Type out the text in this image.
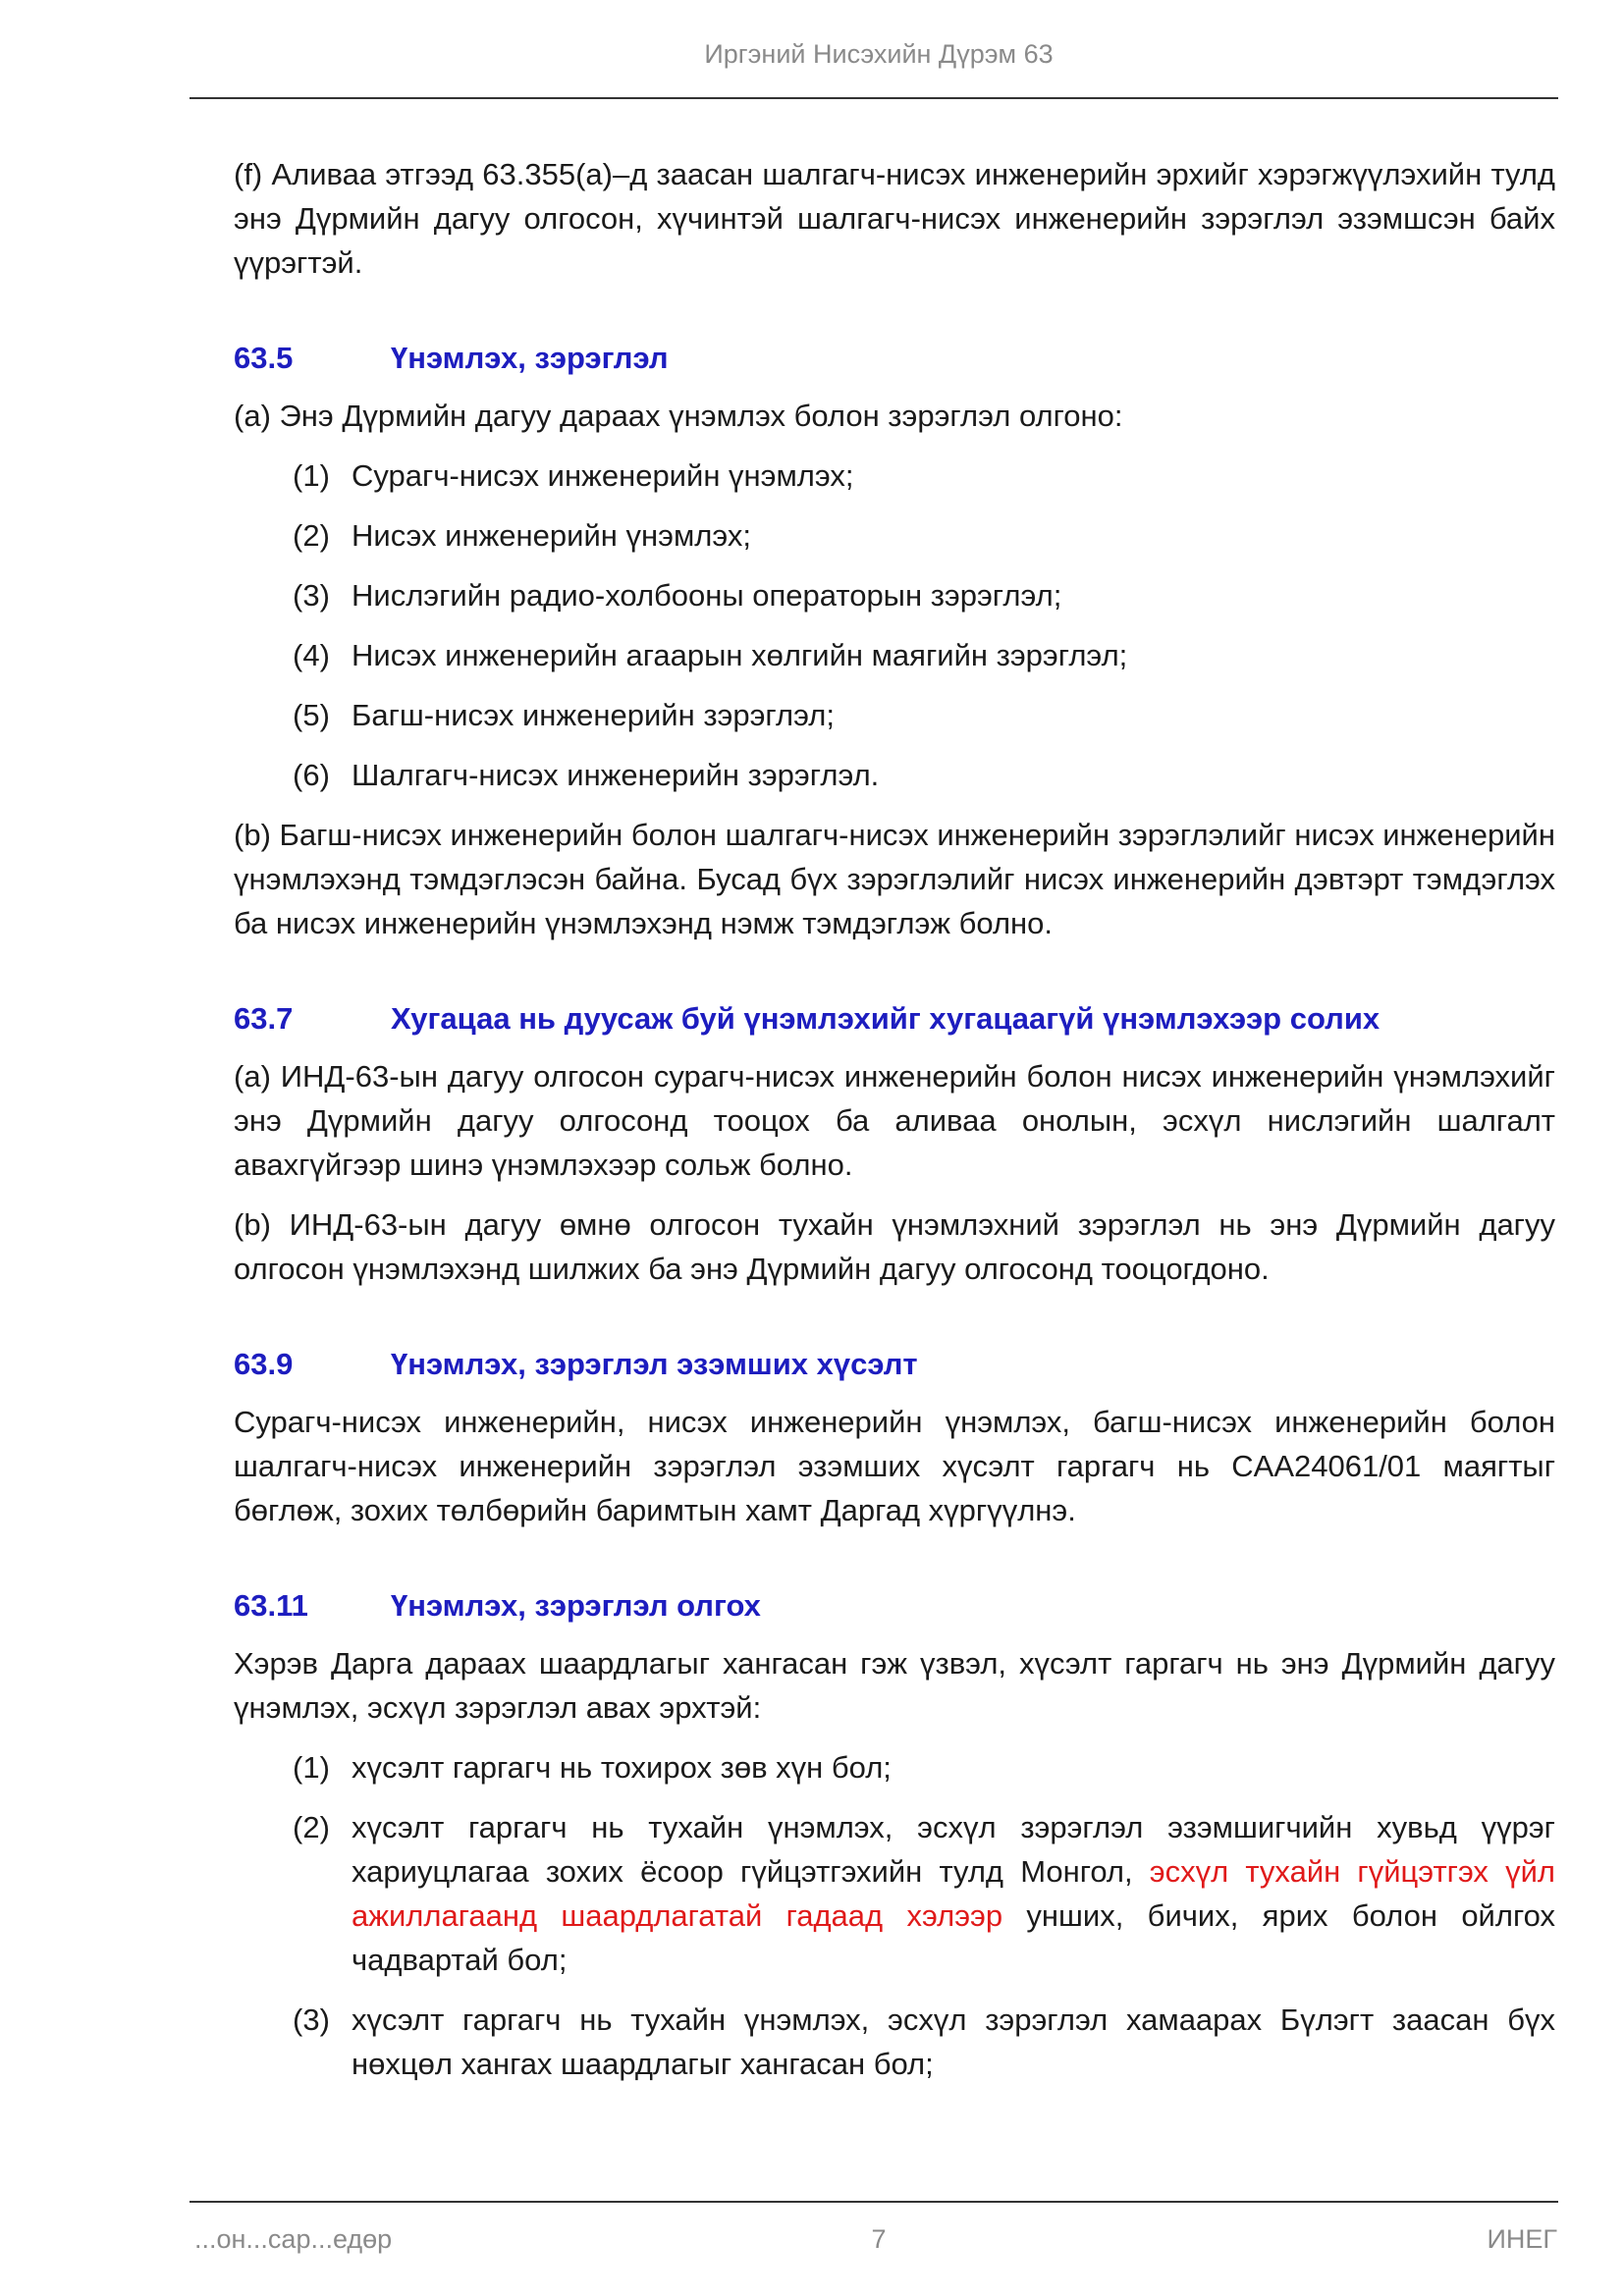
Иргэний Нисэхийн Дүрэм 63

(f) Аливаа этгээд 63.355(a)–д заасан шалгагч-нисэх инженерийн эрхийг хэрэгжүүлэхийн тулд энэ Дүрмийн дагуу олгосон, хүчинтэй шалгагч-нисэх инженерийн зэрэглэл эзэмшсэн байх үүрэгтэй.

63.5	Үнэмлэх, зэрэглэл

(a) Энэ Дүрмийн дагуу дараах үнэмлэх болон зэрэглэл олгоно:

(1) Сурагч-нисэх инженерийн үнэмлэх;
(2) Нисэх инженерийн үнэмлэх;
(3) Нислэгийн радио-холбооны операторын зэрэглэл;
(4) Нисэх инженерийн агаарын хөлгийн маягийн зэрэглэл;
(5) Багш-нисэх инженерийн зэрэглэл;
(6) Шалгагч-нисэх инженерийн зэрэглэл.

(b) Багш-нисэх инженерийн болон шалгагч-нисэх инженерийн зэрэглэлийг нисэх инженерийн үнэмлэхэнд тэмдэглэсэн байна. Бусад бүх зэрэглэлийг нисэх инженерийн дэвтэрт тэмдэглэх ба нисэх инженерийн үнэмлэхэнд нэмж тэмдэглэж болно.

63.7	Хугацаа нь дуусаж буй үнэмлэхийг хугацаагүй үнэмлэхээр солих

(a) ИНД-63-ын дагуу олгосон сурагч-нисэх инженерийн болон нисэх инженерийн үнэмлэхийг энэ Дүрмийн дагуу олгосонд тооцох ба аливаа онолын, эсхүл нислэгийн шалгалт авахгүйгээр шинэ үнэмлэхээр сольж болно.

(b) ИНД-63-ын дагуу өмнө олгосон тухайн үнэмлэхний зэрэглэл нь энэ Дүрмийн дагуу олгосон үнэмлэхэнд шилжих ба энэ Дүрмийн дагуу олгосонд тооцогдоно.

63.9	Үнэмлэх, зэрэглэл эзэмших хүсэлт

Сурагч-нисэх инженерийн, нисэх инженерийн үнэмлэх, багш-нисэх инженерийн болон шалгагч-нисэх инженерийн зэрэглэл эзэмших хүсэлт гаргагч нь CAA24061/01 маягтыг бөглөж, зохих төлбөрийн баримтын хамт Даргад хүргүүлнэ.

63.11	Үнэмлэх, зэрэглэл олгох

Хэрэв Дарга дараах шаардлагыг хангасан гэж үзвэл, хүсэлт гаргагч нь энэ Дүрмийн дагуу үнэмлэх, эсхүл зэрэглэл авах эрхтэй:

(1) хүсэлт гаргагч нь тохирох зөв хүн бол;
(2) хүсэлт гаргагч нь тухайн үнэмлэх, эсхүл зэрэглэл эзэмшигчийн хувьд үүрэг хариуцлагаа зохих ёсоор гүйцэтгэхийн тулд Монгол, эсхүл тухайн гүйцэтгэх үйл ажиллагаанд шаардлагатай гадаад хэлээр унших, бичих, ярих болон ойлгох чадвартай бол;
(3) хүсэлт гаргагч нь тухайн үнэмлэх, эсхүл зэрэглэл хамаарах Бүлэгт заасан бүх нөхцөл хангах шаардлагыг хангасан бол;
...он...сар...едөр	7	ИНЕГ
